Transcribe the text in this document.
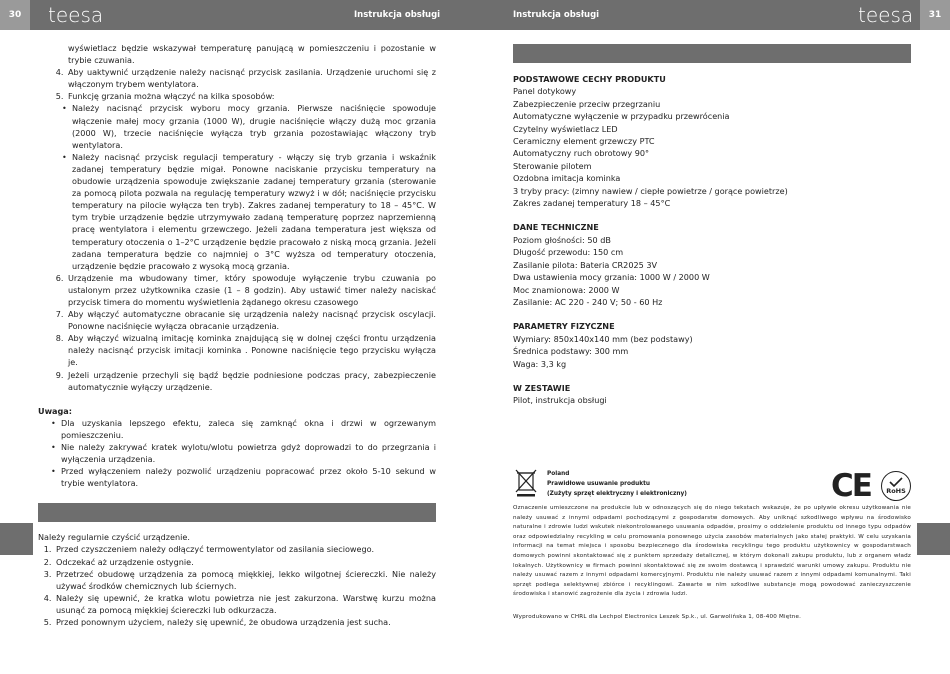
30	31
teesa	teesa
Instrukcja obsługi	Instrukcja obsługi
wyświetlacz będzie wskazywał temperaturę panującą w pomieszczeniu i pozostanie w trybie czuwania.
4. Aby uaktywnić urządzenie należy nacisnąć przycisk zasilania. Urządzenie uruchomi się z włączonym trybem wentylatora.
5. Funkcję grzania można włączyć na kilka sposobów:
• Należy nacisnąć przycisk wyboru mocy grzania. Pierwsze naciśnięcie spowoduje włączenie małej mocy grzania (1000 W), drugie naciśnięcie włączy dużą moc grzania (2000 W), trzecie naciśnięcie wyłącza tryb grzania pozostawiając włączony tryb wentylatora.
• Należy nacisnąć przycisk regulacji temperatury - włączy się tryb grzania i wskaźnik zadanej temperatury będzie migał. Ponowne naciskanie przycisku temperatury na obudowie urządzenia spowoduje zwiększanie zadanej temperatury grzania (sterowanie za pomocą pilota pozwala na regulację temperatury wzwyż i w dół; naciśnięcie przycisku temperatury na pilocie wyłącza ten tryb). Zakres zadanej temperatury to 18 – 45°C. W tym trybie urządzenie będzie utrzymywało zadaną temperaturę poprzez naprzemienną pracę wentylatora i elementu grzewczego. Jeżeli zadana temperatura jest większa od temperatury otoczenia o 1–2°C urządzenie będzie pracowało z niską mocą grzania. Jeżeli zadana temperatura będzie co najmniej o 3°C wyższa od temperatury otoczenia, urządzenie będzie pracowało z wysoką mocą grzania.
6. Urządzenie ma wbudowany timer, który spowoduje wyłączenie trybu czuwania po ustalonym przez użytkownika czasie (1 – 8 godzin). Aby ustawić timer należy naciskać przycisk timera do momentu wyświetlenia żądanego okresu czasowego
7. Aby włączyć automatyczne obracanie się urządzenia należy nacisnąć przycisk oscylacji. Ponowne naciśnięcie wyłącza obracanie urządzenia.
8. Aby włączyć wizualną imitację kominka znajdującą się w dolnej części frontu urządzenia należy nacisnąć przycisk imitacji kominka . Ponowne naciśnięcie tego przycisku wyłącza je.
9. Jeżeli urządzenie przechyli się bądź będzie podniesione podczas pracy, zabezpieczenie automatycznie wyłączy urządzenie.
Uwaga:
• Dla uzyskania lepszego efektu, zaleca się zamknąć okna i drzwi w ogrzewanym pomieszczeniu.
• Nie należy zakrywać kratek wylotu/wlotu powietrza gdyż doprowadzi to do przegrzania i wyłączenia urządzenia.
• Przed wyłączeniem należy pozwolić urządzeniu popracować przez około 5-10 sekund w trybie wentylatora.
Należy regularnie czyścić urządzenie.
1. Przed czyszczeniem należy odłączyć termowentylator od zasilania sieciowego.
2. Odczekać aż urządzenie ostygnie.
3. Przetrzeć obudowę urządzenia za pomocą miękkiej, lekko wilgotnej ściereczki. Nie należy używać środków chemicznych lub ściernych.
4. Należy się upewnić, że kratka wlotu powietrza nie jest zakurzona. Warstwę kurzu można usunąć za pomocą miękkiej ściereczki lub odkurzacza.
5. Przed ponownym użyciem, należy się upewnić, że obudowa urządzenia jest sucha.
PODSTAWOWE CECHY PRODUKTU
Panel dotykowy
Zabezpieczenie przeciw przegrzaniu
Automatyczne wyłączenie w przypadku przewrócenia
Czytelny wyświetlacz LED
Ceramiczny element grzewczy PTC
Automatyczny ruch obrotowy 90°
Sterowanie pilotem
Ozdobna imitacja kominka
3 tryby pracy: (zimny nawiew / ciepłe powietrze / gorące powietrze)
Zakres zadanej temperatury 18 – 45°C
DANE TECHNICZNE
Poziom głośności: 50 dB
Długość przewodu: 150 cm
Zasilanie pilota: Bateria CR2025 3V
Dwa ustawienia mocy grzania: 1000 W / 2000 W
Moc znamionowa: 2000 W
Zasilanie: AC 220 - 240 V; 50 - 60 Hz
PARAMETRY FIZYCZNE
Wymiary: 850x140x140 mm (bez podstawy)
Średnica podstawy: 300 mm
Waga: 3,3 kg
W ZESTAWIE
Pilot, instrukcja obsługi
Poland
Prawidłowe usuwanie produktu
(Zużyty sprzęt elektryczny i elektroniczny)	CE RoHS
Oznaczenie umieszczone na produkcie lub w odnoszących się do niego tekstach wskazuje, że po upływie okresu użytkowania nie należy usuwać z innymi odpadami pochodzącymi z gospodarstw domowych. Aby uniknąć szkodliwego wpływu na środowisko naturalne i zdrowie ludzi wskutek niekontrolowanego usuwania odpadów, prosimy o oddzielenie produktu od innego typu odpadów oraz odpowiedzialny recykling w celu promowania ponownego użycia zasobów materialnych jako stałej praktyki. W celu uzyskania informacji na temat miejsca i sposobu bezpiecznego dla środowiska recyklingu tego produktu użytkownicy w gospodarstwach domowych powinni skontaktować się z punktem sprzedaży detalicznej, w którym dokonali zakupu produktu, lub z organem władz lokalnych. Użytkownicy w firmach powinni skontaktować się ze swoim dostawcą i sprawdzić warunki umowy zakupu. Produktu nie należy usuwać razem z innymi odpadami komercyjnymi. Produktu nie należy usuwać razem z innymi odpadami komunalnymi. Taki sprzęt podlega selektywnej zbiórce i recyklingowi. Zawarte w nim szkodliwe substancje mogą powodować zanieczyszczenie środowiska i stanowić zagrożenie dla życia i zdrowia ludzi.
Wyprodukowano w CHRL dla Lechpol Electronics Leszek Sp.k., ul. Garwolińska 1, 08-400 Miętne.
